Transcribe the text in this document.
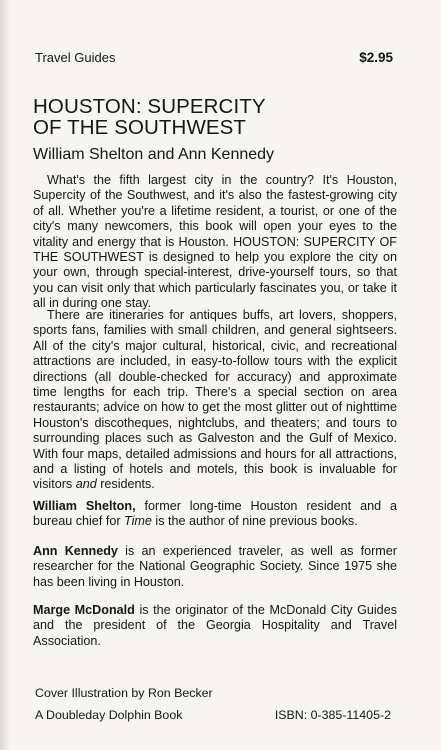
Travel Guides	$2.95
HOUSTON: SUPERCITY
OF THE SOUTHWEST
William Shelton and Ann Kennedy

What's the fifth largest city in the country? It's Houston, Supercity of the Southwest, and it's also the fastest-growing city of all. Whether you're a lifetime resident, a tourist, or one of the city's many newcomers, this book will open your eyes to the vitality and energy that is Houston. HOUSTON: SUPERCITY OF THE SOUTHWEST is designed to help you explore the city on your own, through special-interest, drive-yourself tours, so that you can visit only that which particularly fascinates you, or take it all in during one stay.

There are itineraries for antiques buffs, art lovers, shoppers, sports fans, families with small children, and general sightseers. All of the city's major cultural, historical, civic, and recreational attractions are included, in easy-to-follow tours with the explicit directions (all double-checked for accuracy) and approximate time lengths for each trip. There's a special section on area restaurants; advice on how to get the most glitter out of nighttime Houston's discotheques, nightclubs, and theaters; and tours to surrounding places such as Galveston and the Gulf of Mexico. With four maps, detailed admissions and hours for all attractions, and a listing of hotels and motels, this book is invaluable for visitors and residents.

William Shelton, former long-time Houston resident and a bureau chief for Time is the author of nine previous books.

Ann Kennedy is an experienced traveler, as well as former researcher for the National Geographic Society. Since 1975 she has been living in Houston.

Marge McDonald is the originator of the McDonald City Guides and the president of the Georgia Hospitality and Travel Association.

Cover Illustration by Ron Becker
A Doubleday Dolphin Book	ISBN: 0-385-11405-2
